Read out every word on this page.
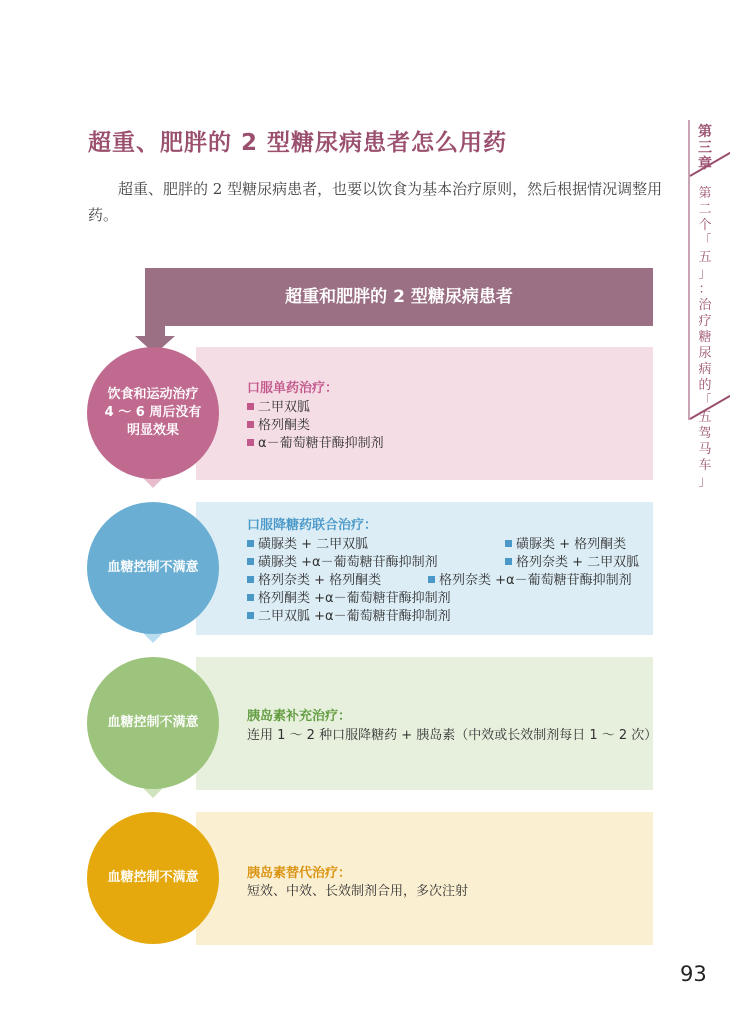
超重、肥胖的 2 型糖尿病患者怎么用药
超重、肥胖的 2 型糖尿病患者，也要以饮食为基本治疗原则，然后根据情况调整用药。
第
三
章
第
二
个
「
五
」
：
治
疗
糖
尿
病
的
「
五
驾
马
车
」
超重和肥胖的 2 型糖尿病患者
饮食和运动治疗
4 ～ 6 周后没有
明显效果
口服单药治疗：
二甲双胍
格列酮类
α－葡萄糖苷酶抑制剂
血糖控制不满意
口服降糖药联合治疗：
磺脲类 + 二甲双胍	磺脲类 + 格列酮类
磺脲类 +α－葡萄糖苷酶抑制剂	格列奈类 + 二甲双胍
格列奈类 + 格列酮类	格列奈类 +α－葡萄糖苷酶抑制剂
格列酮类 +α－葡萄糖苷酶抑制剂
二甲双胍 +α－葡萄糖苷酶抑制剂
血糖控制不满意	胰岛素补充治疗：
连用 1 ～ 2 种口服降糖药 + 胰岛素（中效或长效制剂每日 1 ～ 2 次）
血糖控制不满意	胰岛素替代治疗：
短效、中效、长效制剂合用，多次注射
93
